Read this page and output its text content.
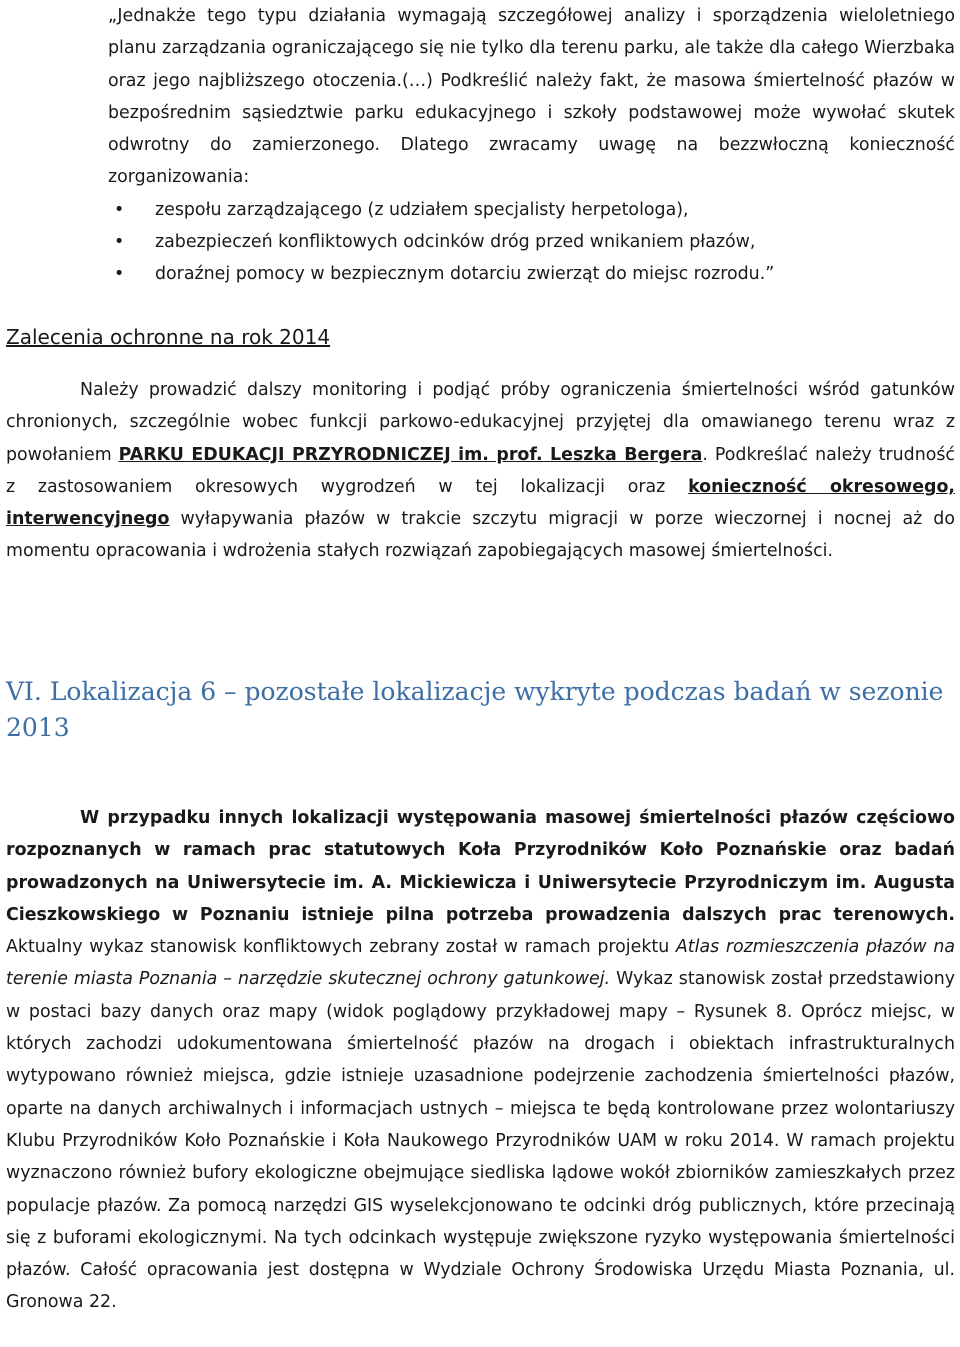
„Jednakże tego typu działania wymagają szczegółowej analizy i sporządzenia wieloletniego planu zarządzania ograniczającego się nie tylko dla terenu parku, ale także dla całego Wierzbaka oraz jego najbliższego otoczenia.(…) Podkreślić należy fakt, że masowa śmiertelność płazów w bezpośrednim sąsiedztwie parku edukacyjnego i szkoły podstawowej może wywołać skutek odwrotny do zamierzonego. Dlatego zwracamy uwagę na bezzwłoczną konieczność zorganizowania:

• zespołu zarządzającego (z udziałem specjalisty herpetologa),
• zabezpieczeń konfliktowych odcinków dróg przed wnikaniem płazów,
• doraźnej pomocy w bezpiecznym dotarciu zwierząt do miejsc rozrodu.”
Zalecenia ochronne na rok 2014
Należy prowadzić dalszy monitoring i podjąć próby ograniczenia śmiertelności wśród gatunków chronionych, szczególnie wobec funkcji parkowo-edukacyjnej przyjętej dla omawianego terenu wraz z powołaniem PARKU EDUKACJI PRZYRODNICZEJ im. prof. Leszka Bergera. Podkreślać należy trudność z zastosowaniem okresowych wygrodzeń w tej lokalizacji oraz konieczność okresowego, interwencyjnego wyłapywania płazów w trakcie szczytu migracji w porze wieczornej i nocnej aż do momentu opracowania i wdrożenia stałych rozwiązań zapobiegających masowej śmiertelności.
VI. Lokalizacja 6 – pozostałe lokalizacje wykryte podczas badań w sezonie 2013
W przypadku innych lokalizacji występowania masowej śmiertelności płazów częściowo rozpoznanych w ramach prac statutowych Koła Przyrodników Koło Poznańskie oraz badań prowadzonych na Uniwersytecie im. A. Mickiewicza i Uniwersytecie Przyrodniczym im. Augusta Cieszkowskiego w Poznaniu istnieje pilna potrzeba prowadzenia dalszych prac terenowych. Aktualny wykaz stanowisk konfliktowych zebrany został w ramach projektu Atlas rozmieszczenia płazów na terenie miasta Poznania – narzędzie skutecznej ochrony gatunkowej. Wykaz stanowisk został przedstawiony w postaci bazy danych oraz mapy (widok poglądowy przykładowej mapy – Rysunek 8. Oprócz miejsc, w których zachodzi udokumentowana śmiertelność płazów na drogach i obiektach infrastrukturalnych wytypowano również miejsca, gdzie istnieje uzasadnione podejrzenie zachodzenia śmiertelności płazów, oparte na danych archiwalnych i informacjach ustnych – miejsca te będą kontrolowane przez wolontariuszy Klubu Przyrodników Koło Poznańskie i Koła Naukowego Przyrodników UAM w roku 2014. W ramach projektu wyznaczono również bufory ekologiczne obejmujące siedliska lądowe wokół zbiorników zamieszkałych przez populacje płazów. Za pomocą narzędzi GIS wyselekcjonowano te odcinki dróg publicznych, które przecinają się z buforami ekologicznymi. Na tych odcinkach występuje zwiększone ryzyko występowania śmiertelności płazów. Całość opracowania jest dostępna w Wydziale Ochrony Środowiska Urzędu Miasta Poznania, ul. Gronowa 22.
